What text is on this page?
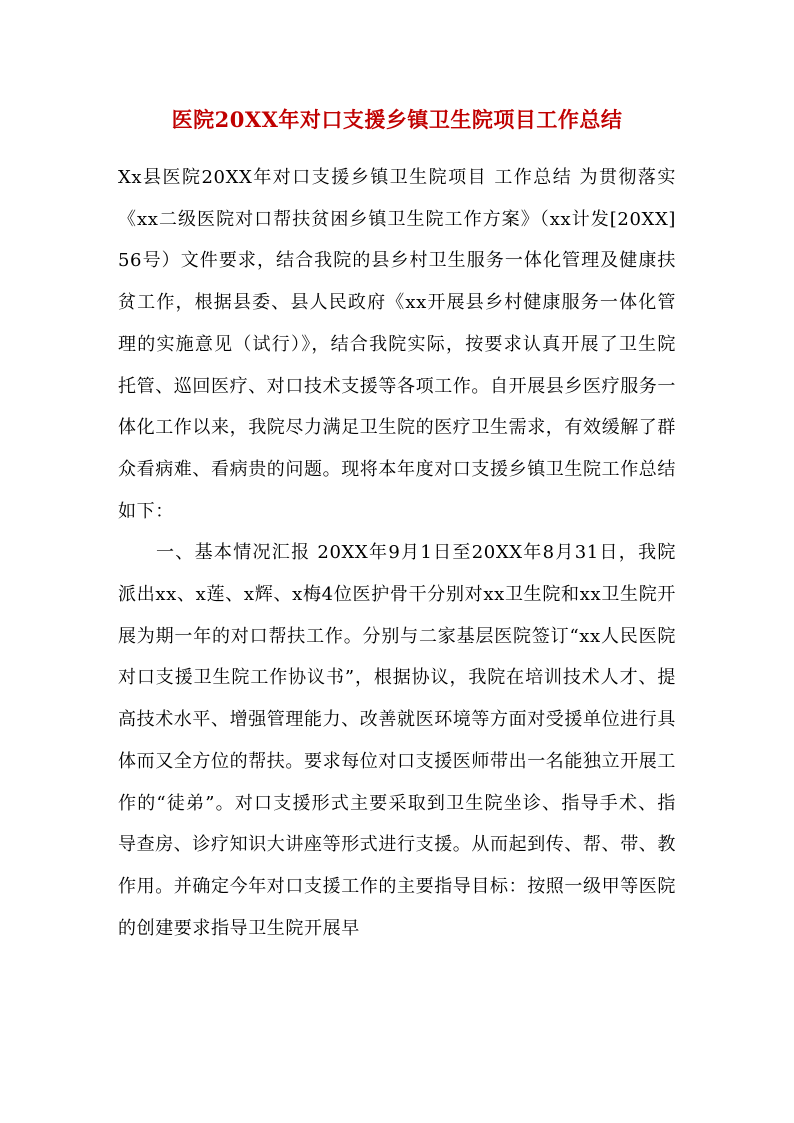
医院20XX年对口支援乡镇卫生院项目工作总结

Xx县医院20XX年对口支援乡镇卫生院项目 工作总结 为贯彻落实《xx二级医院对口帮扶贫困乡镇卫生院工作方案》（xx计发[20XX]56号）文件要求，结合我院的县乡村卫生服务一体化管理及健康扶贫工作，根据县委、县人民政府《xx开展县乡村健康服务一体化管理的实施意见（试行）》，结合我院实际，按要求认真开展了卫生院托管、巡回医疗、对口技术支援等各项工作。自开展县乡医疗服务一体化工作以来，我院尽力满足卫生院的医疗卫生需求，有效缓解了群众看病难、看病贵的问题。现将本年度对口支援乡镇卫生院工作总结如下：

一、基本情况汇报 20XX年9月1日至20XX年8月31日，我院派出xx、x莲、x辉、x梅4位医护骨干分别对xx卫生院和xx卫生院开展为期一年的对口帮扶工作。分别与二家基层医院签订“xx人民医院对口支援卫生院工作协议书”，根据协议，我院在培训技术人才、提高技术水平、增强管理能力、改善就医环境等方面对受援单位进行具体而又全方位的帮扶。要求每位对口支援医师带出一名能独立开展工作的“徒弟”。对口支援形式主要采取到卫生院坐诊、指导手术、指导查房、诊疗知识大讲座等形式进行支援。从而起到传、帮、带、教作用。并确定今年对口支援工作的主要指导目标：按照一级甲等医院的创建要求指导卫生院开展早
